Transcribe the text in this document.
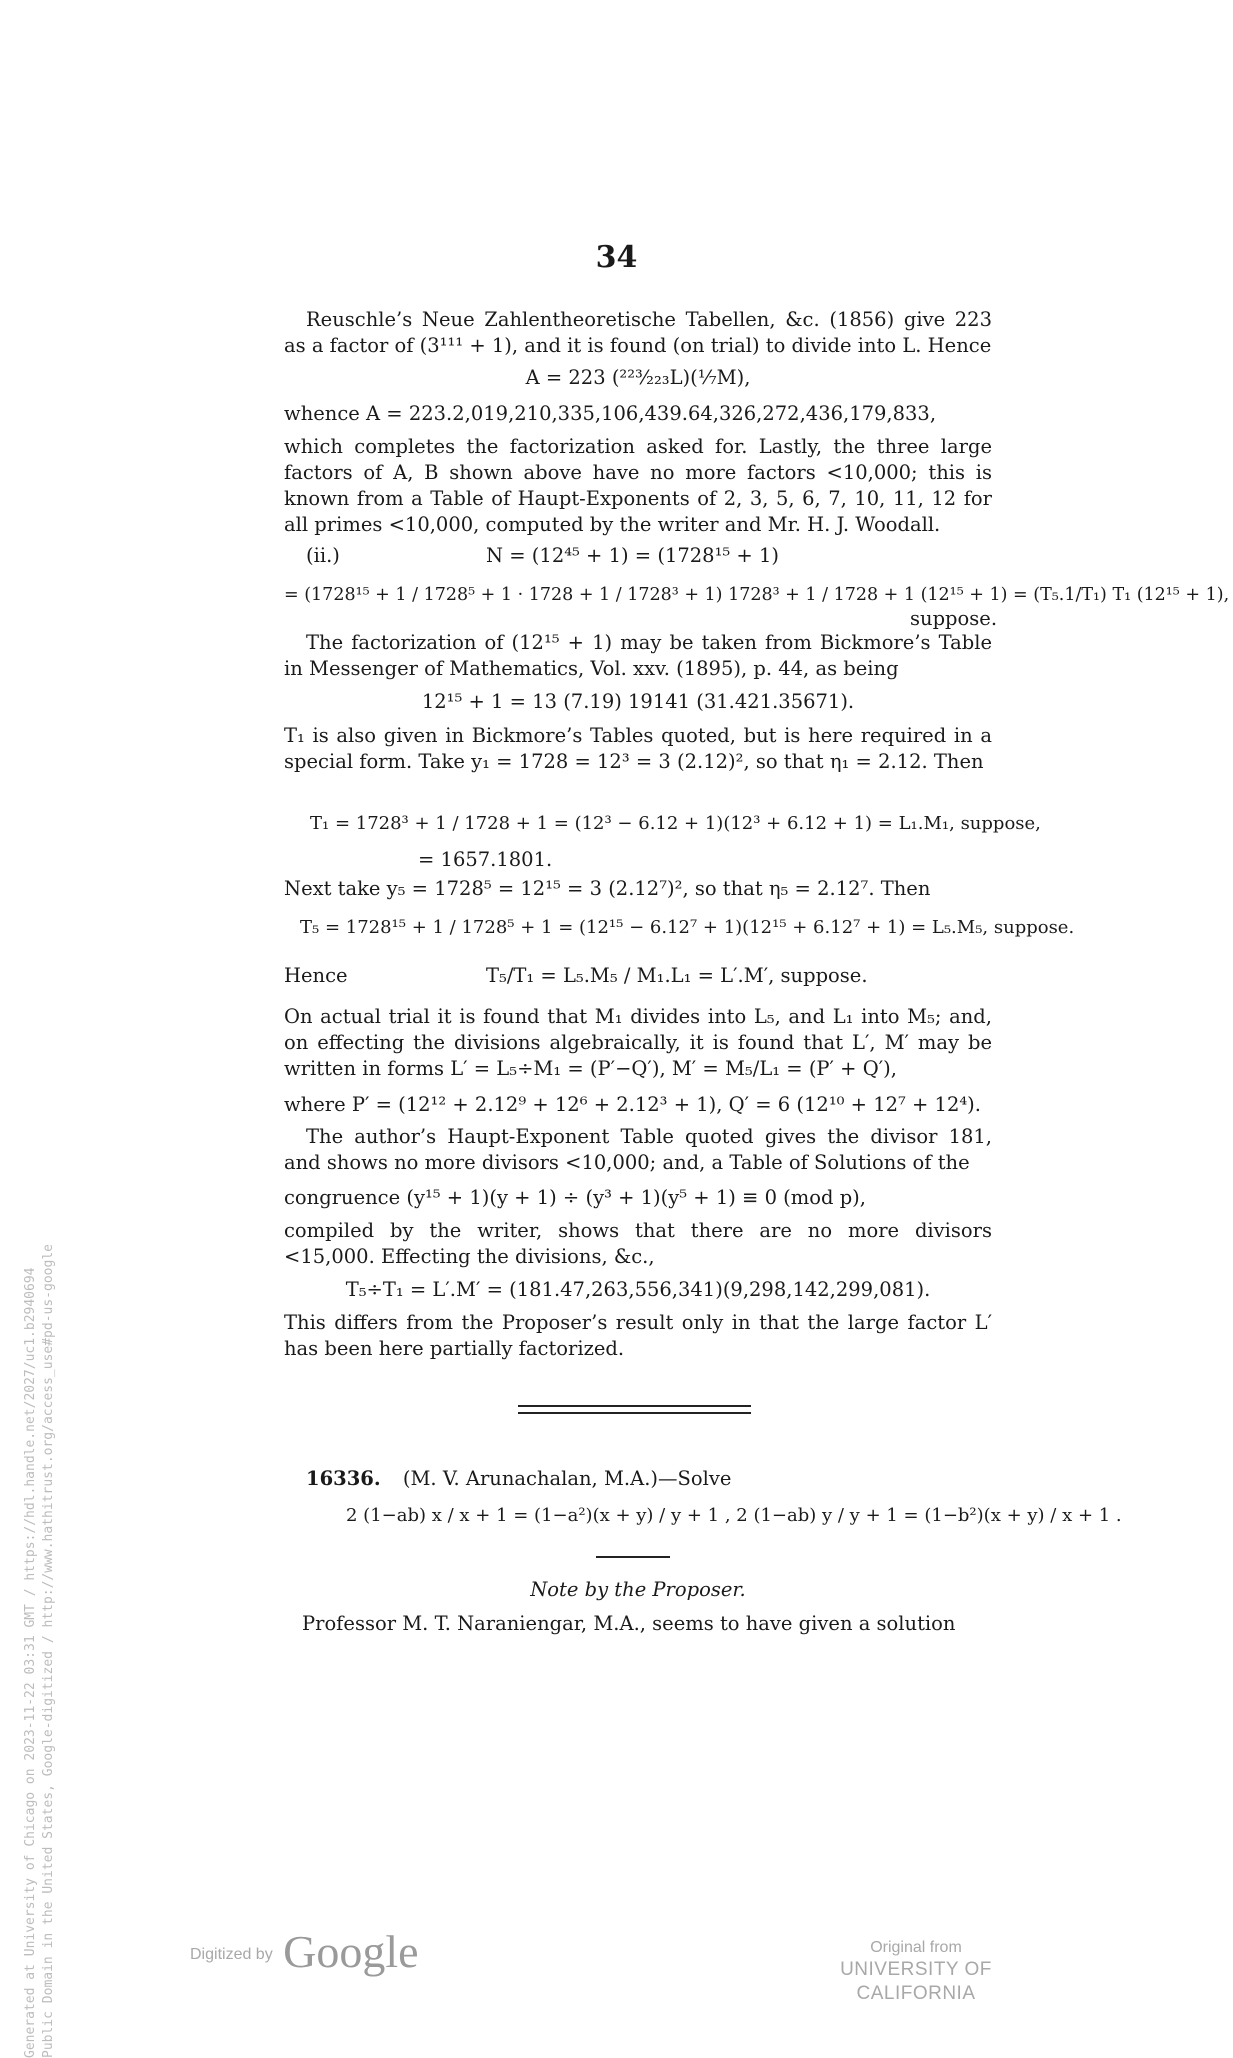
34

Reuschle’s Neue Zahlentheoretische Tabellen, &c. (1856) give 223 as a factor of (3¹¹¹ + 1), and it is found (on trial) to divide into L. Hence

A = 223 (²²³⁄₂₂₃L)(⅐M),
whence A = 223.2,019,210,335,106,439.64,326,272,436,179,833,

which completes the factorization asked for. Lastly, the three large factors of A, B shown above have no more factors <10,000; this is known from a Table of Haupt-Exponents of 2, 3, 5, 6, 7, 10, 11, 12 for all primes <10,000, computed by the writer and Mr. H. J. Woodall.

(ii.)	N = (12⁴⁵ + 1) = (1728¹⁵ + 1)
= (1728¹⁵ + 1 / 1728⁵ + 1 · 1728 + 1 / 1728³ + 1) 1728³ + 1 / 1728 + 1 (12¹⁵ + 1) = (T₅.1/T₁) T₁ (12¹⁵ + 1),
suppose.

The factorization of (12¹⁵ + 1) may be taken from Bickmore’s Table in Messenger of Mathematics, Vol. xxv. (1895), p. 44, as being

12¹⁵ + 1 = 13 (7.19) 19141 (31.421.35671).

T₁ is also given in Bickmore’s Tables quoted, but is here required in a special form. Take y₁ = 1728 = 12³ = 3 (2.12)², so that η₁ = 2.12. Then

T₁ = 1728³ + 1 / 1728 + 1 = (12³ − 6.12 + 1)(12³ + 6.12 + 1) = L₁.M₁, suppose,
= 1657.1801.

Next take y₅ = 1728⁵ = 12¹⁵ = 3 (2.12⁷)², so that η₅ = 2.12⁷. Then

T₅ = 1728¹⁵ + 1 / 1728⁵ + 1 = (12¹⁵ − 6.12⁷ + 1)(12¹⁵ + 6.12⁷ + 1) = L₅.M₅, suppose.
Hence	T₅/T₁ = L₅.M₅ / M₁.L₁ = L′.M′, suppose.

On actual trial it is found that M₁ divides into L₅, and L₁ into M₅; and, on effecting the divisions algebraically, it is found that L′, M′ may be written in forms L′ = L₅÷M₁ = (P′−Q′), M′ = M₅/L₁ = (P′ + Q′),

where P′ = (12¹² + 2.12⁹ + 12⁶ + 2.12³ + 1), Q′ = 6 (12¹⁰ + 12⁷ + 12⁴).

The author’s Haupt-Exponent Table quoted gives the divisor 181, and shows no more divisors <10,000; and, a Table of Solutions of the

congruence (y¹⁵ + 1)(y + 1) ÷ (y³ + 1)(y⁵ + 1) ≡ 0 (mod p),

compiled by the writer, shows that there are no more divisors <15,000. Effecting the divisions, &c.,

T₅÷T₁ = L′.M′ = (181.47,263,556,341)(9,298,142,299,081).

This differs from the Proposer’s result only in that the large factor L′ has been here partially factorized.

16336. (M. V. Arunachalan, M.A.)—Solve
2 (1−ab) x / x + 1 = (1−a²)(x + y) / y + 1 , 2 (1−ab) y / y + 1 = (1−b²)(x + y) / x + 1 .
Note by the Proposer.
Professor M. T. Naraniengar, M.A., seems to have given a solution
Generated at University of Chicago on 2023-11-22 03:31 GMT / https://hdl.handle.net/2027/uc1.b2940694 Public Domain in the United States, Google-digitized / http://www.hathitrust.org/access_use#pd-us-google	Digitized by Google	Original from
UNIVERSITY OF CALIFORNIA
